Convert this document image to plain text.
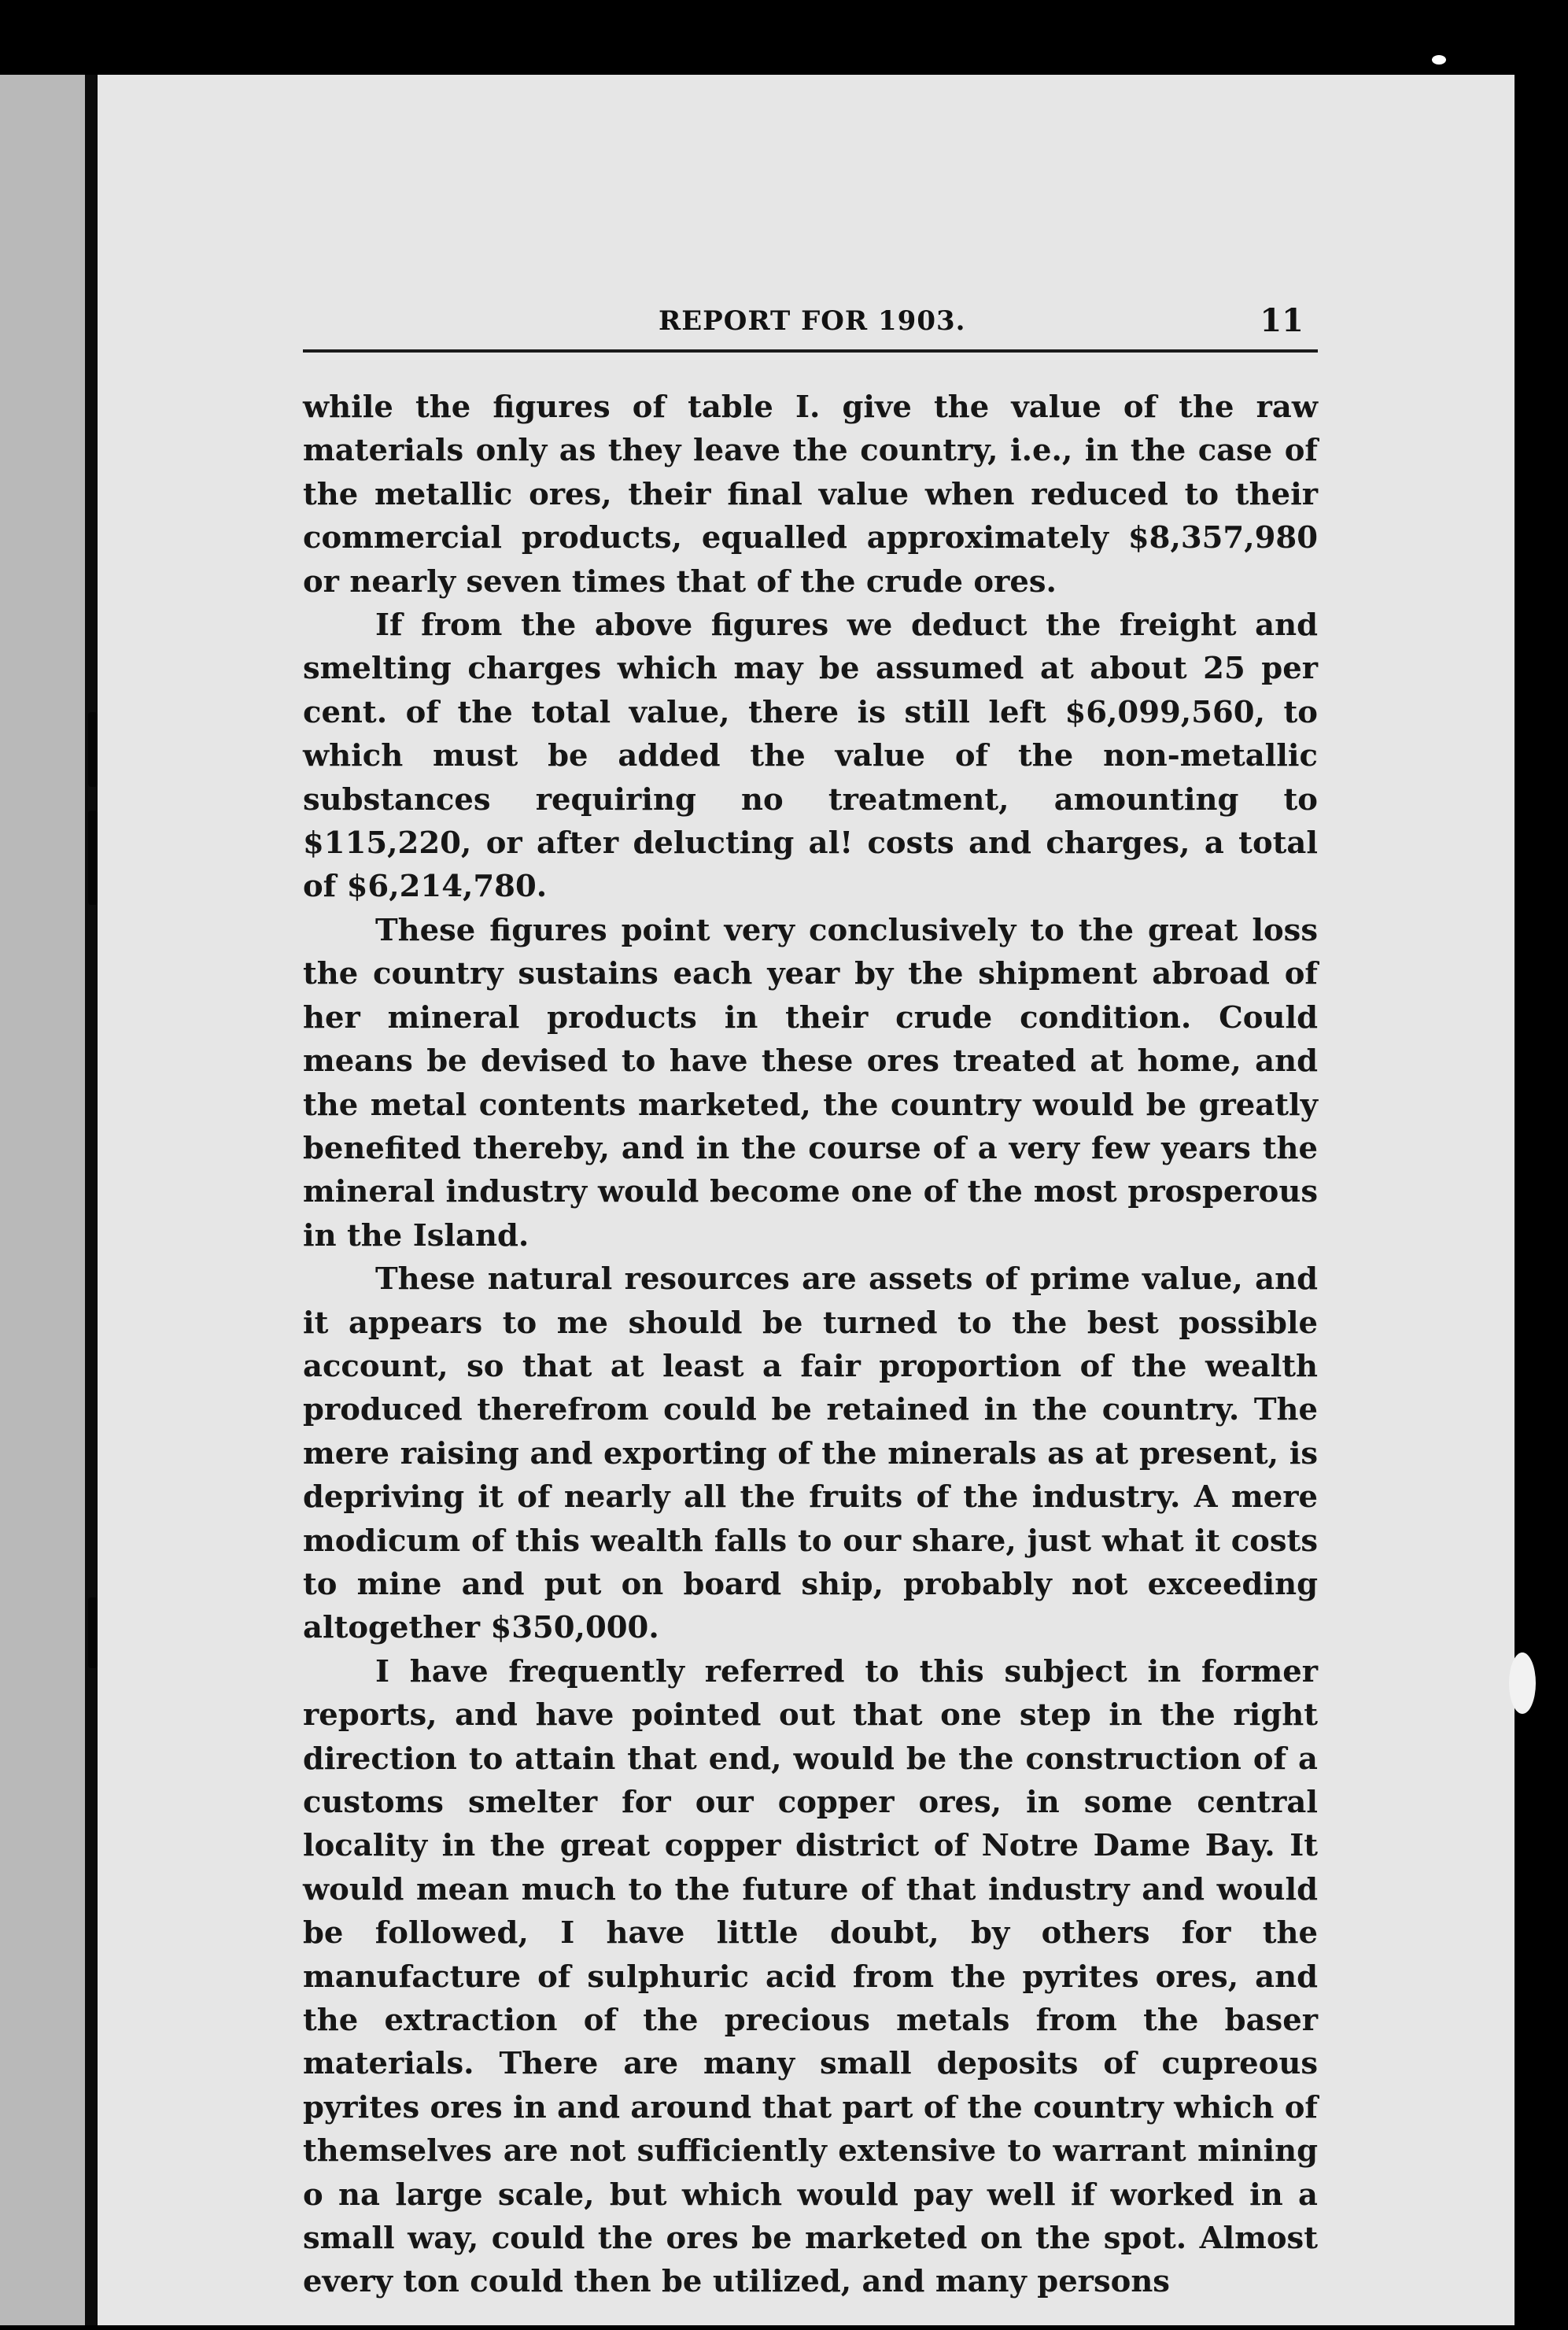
REPORT FOR 1903.	11

while the figures of table I. give the value of the raw materials only as they leave the country, i.e., in the case of the metallic ores, their final value when reduced to their commercial products, equalled approximately $8,357,980 or nearly seven times that of the crude ores.

If from the above figures we deduct the freight and smelting charges which may be assumed at about 25 per cent. of the total value, there is still left $6,099,560, to which must be added the value of the non-metallic substances requiring no treatment, amounting to $115,220, or after delucting al! costs and charges, a total of $6,214,780.

These figures point very conclusively to the great loss the country sustains each year by the shipment abroad of her mineral products in their crude condition. Could means be devised to have these ores treated at home, and the metal contents marketed, the country would be greatly benefited thereby, and in the course of a very few years the mineral industry would become one of the most prosperous in the Island.

These natural resources are assets of prime value, and it appears to me should be turned to the best possible account, so that at least a fair proportion of the wealth produced therefrom could be retained in the country. The mere raising and exporting of the minerals as at present, is depriving it of nearly all the fruits of the industry. A mere modicum of this wealth falls to our share, just what it costs to mine and put on board ship, probably not exceeding altogether $350,000.

I have frequently referred to this subject in former reports, and have pointed out that one step in the right direction to attain that end, would be the construction of a customs smelter for our copper ores, in some central locality in the great copper district of Notre Dame Bay. It would mean much to the future of that industry and would be followed, I have little doubt, by others for the manufacture of sulphuric acid from the pyrites ores, and the extraction of the precious metals from the baser materials. There are many small deposits of cupreous pyrites ores in and around that part of the country which of themselves are not sufficiently extensive to warrant mining o na large scale, but which would pay well if worked in a small way, could the ores be marketed on the spot. Almost every ton could then be utilized, and many persons
